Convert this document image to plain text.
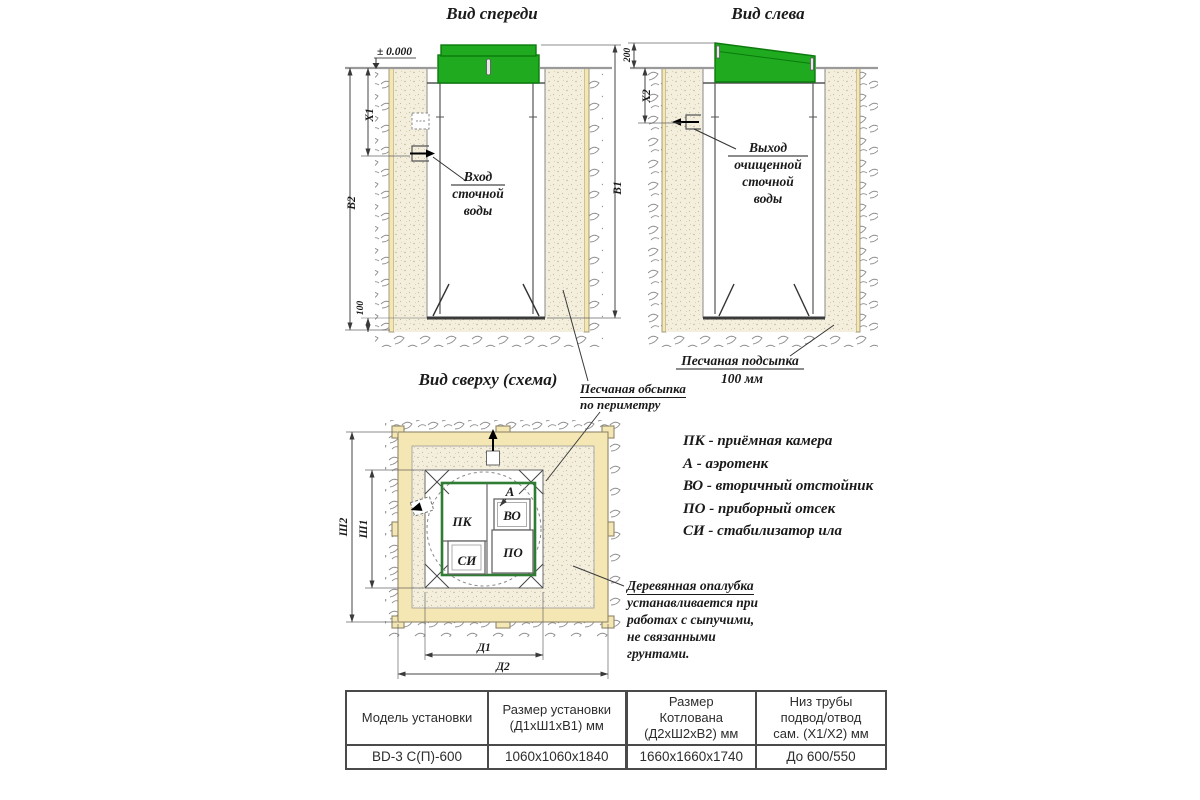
Вид спереди	Вид слева
Вид сверху (схема)
Вход
сточной
воды
± 0.000
В2
Х1
100
В1
Выход
очищенной
сточной
воды
Х2
200
Песчаная подсыпка
100 мм
ПК
А
ВО
ПО
СИ
Ш2 Ш1
Д1
Д2
Песчаная обсыпка
по периметру
ПК - приёмная камера
А - аэротенк
ВО - вторичный отстойник
ПО - приборный отсек
СИ - стабилизатор ила
Деревянная опалубка
устанавливается при
работах с сыпучими,
не связанными
грунтами.
Модель установки

Размер установки
(Д1хШ1хВ1) мм

Размер
Котлована
(Д2хШ2хВ2) мм

Низ трубы
подвод/отвод
сам. (Х1/Х2) мм

BD-3 С(П)-600	1060х1060х1840	1660х1660х1740	До 600/550
